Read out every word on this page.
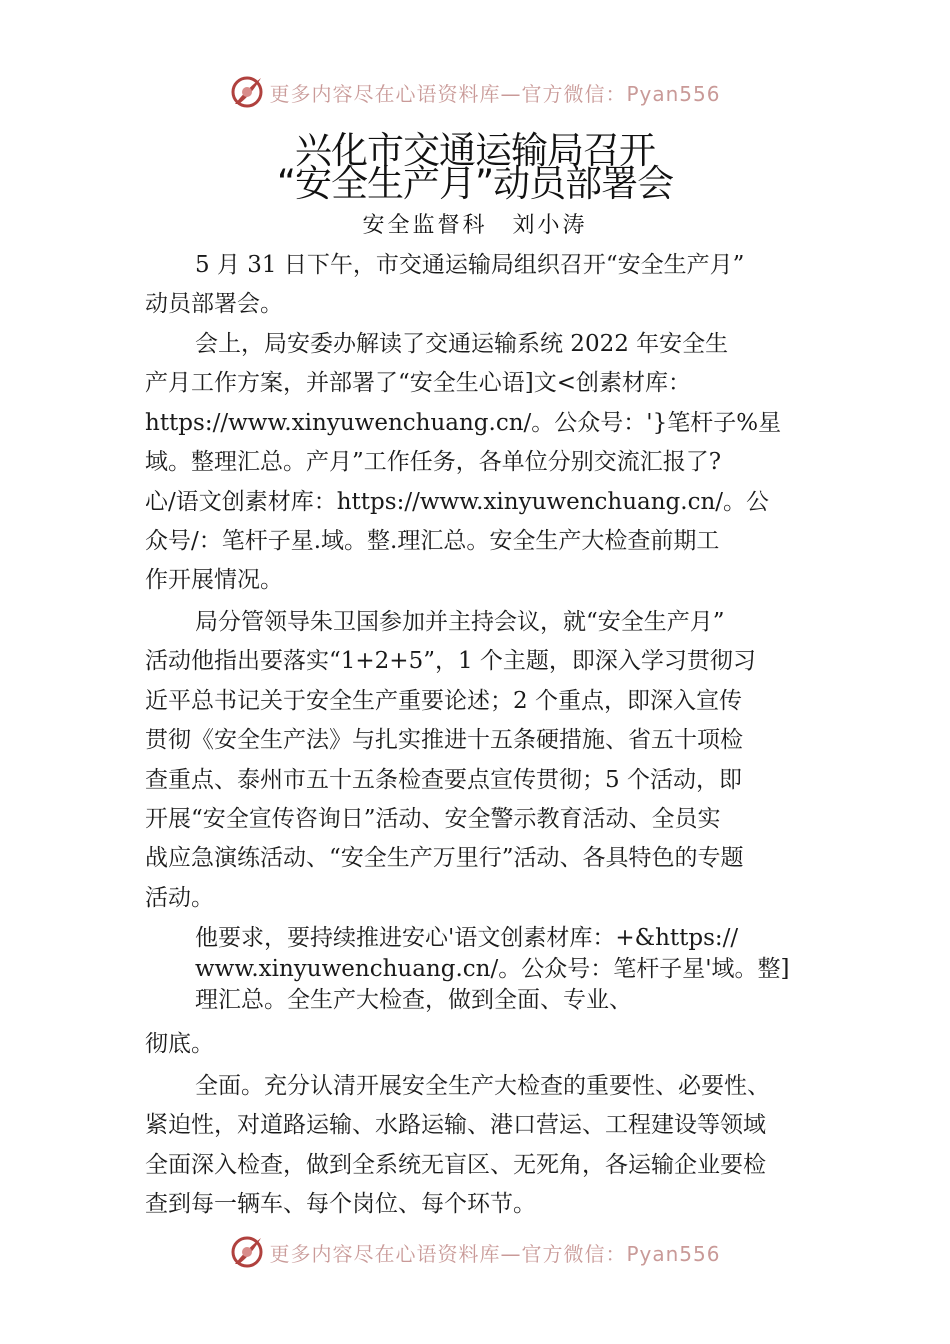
更多内容尽在心语资料库—官方微信：Pyan556
兴化市交通运输局召开
“安全生产月”动员部署会
安全监督科　刘小涛
5 月 31 日下午，市交通运输局组织召开“安全生产月”
动员部署会。
会上，局安委办解读了交通运输系统 2022 年安全生
产月工作方案，并部署了“安全生心语]文<创素材库：
https://www.xinyuwenchuang.cn/。公众号：'}笔杆子%星
域。整理汇总。产月”工作任务，各单位分别交流汇报了?
心/语文创素材库：https://www.xinyuwenchuang.cn/。公
众号/：笔杆子星.域。整.理汇总。安全生产大检查前期工
作开展情况。
局分管领导朱卫国参加并主持会议，就“安全生产月”
活动他指出要落实“1+2+5”，1 个主题，即深入学习贯彻习
近平总书记关于安全生产重要论述；2 个重点，即深入宣传
贯彻《安全生产法》与扎实推进十五条硬措施、省五十项检
查重点、泰州市五十五条检查要点宣传贯彻；5 个活动，即
开展“安全宣传咨询日”活动、安全警示教育活动、全员实
战应急演练活动、“安全生产万里行”活动、各具特色的专题
活动。
他要求，要持续推进安心'语文创素材库：+&https://
www.xinyuwenchuang.cn/。公众号：笔杆子星'域。整]
理汇总。全生产大检查，做到全面、专业、
彻底。
全面。充分认清开展安全生产大检查的重要性、必要性、
紧迫性，对道路运输、水路运输、港口营运、工程建设等领域
全面深入检查，做到全系统无盲区、无死角，各运输企业要检
查到每一辆车、每个岗位、每个环节。
更多内容尽在心语资料库—官方微信：Pyan556
